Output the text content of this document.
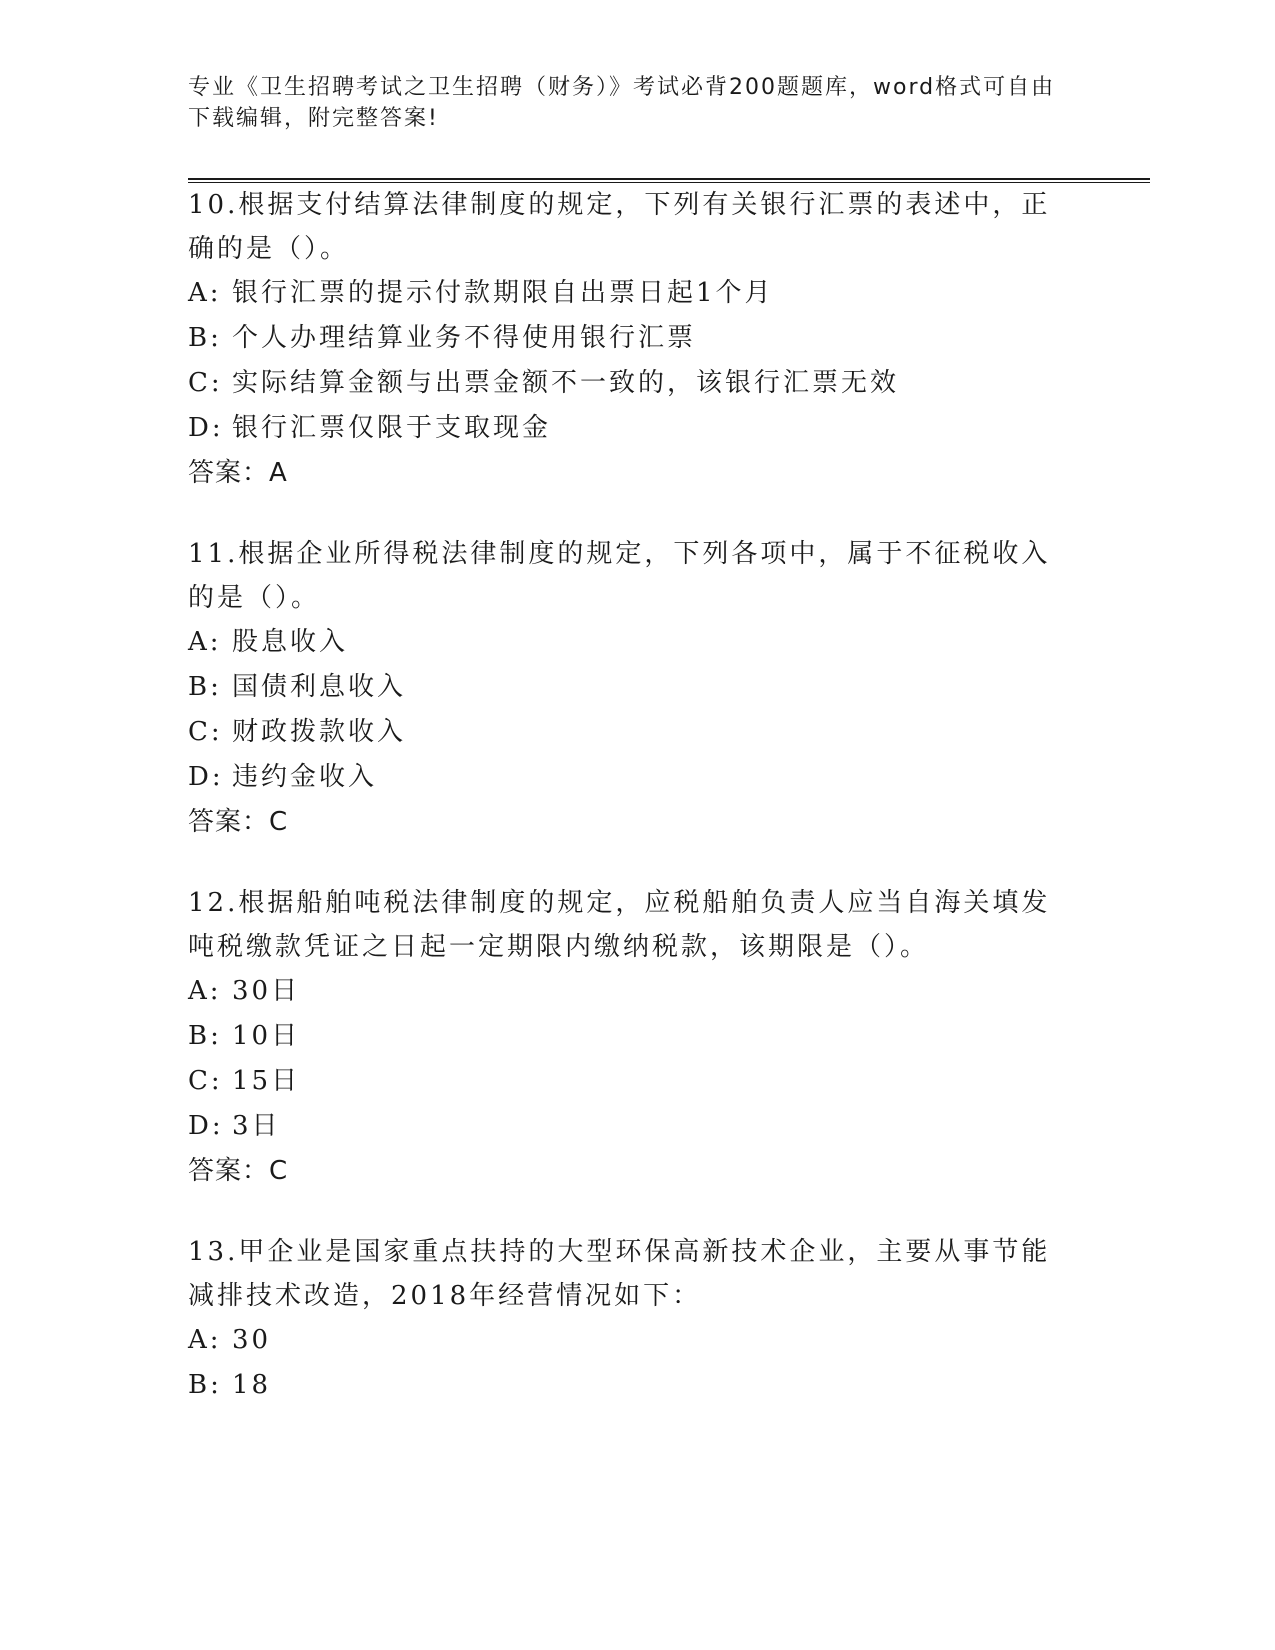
专业《卫生招聘考试之卫生招聘（财务）》考试必背200题题库，word格式可自由下载编辑，附完整答案!

10.根据支付结算法律制度的规定，下列有关银行汇票的表述中，正确的是（）。

A: 银行汇票的提示付款期限自出票日起1个月

B: 个人办理结算业务不得使用银行汇票

C: 实际结算金额与出票金额不一致的，该银行汇票无效

D: 银行汇票仅限于支取现金

答案：A

11.根据企业所得税法律制度的规定，下列各项中，属于不征税收入的是（）。

A: 股息收入

B: 国债利息收入

C: 财政拨款收入

D: 违约金收入

答案：C

12.根据船舶吨税法律制度的规定，应税船舶负责人应当自海关填发吨税缴款凭证之日起一定期限内缴纳税款，该期限是（）。

A: 30日

B: 10日

C: 15日

D: 3日

答案：C

13.甲企业是国家重点扶持的大型环保高新技术企业，主要从事节能减排技术改造，2018年经营情况如下：

A: 30

B: 18
